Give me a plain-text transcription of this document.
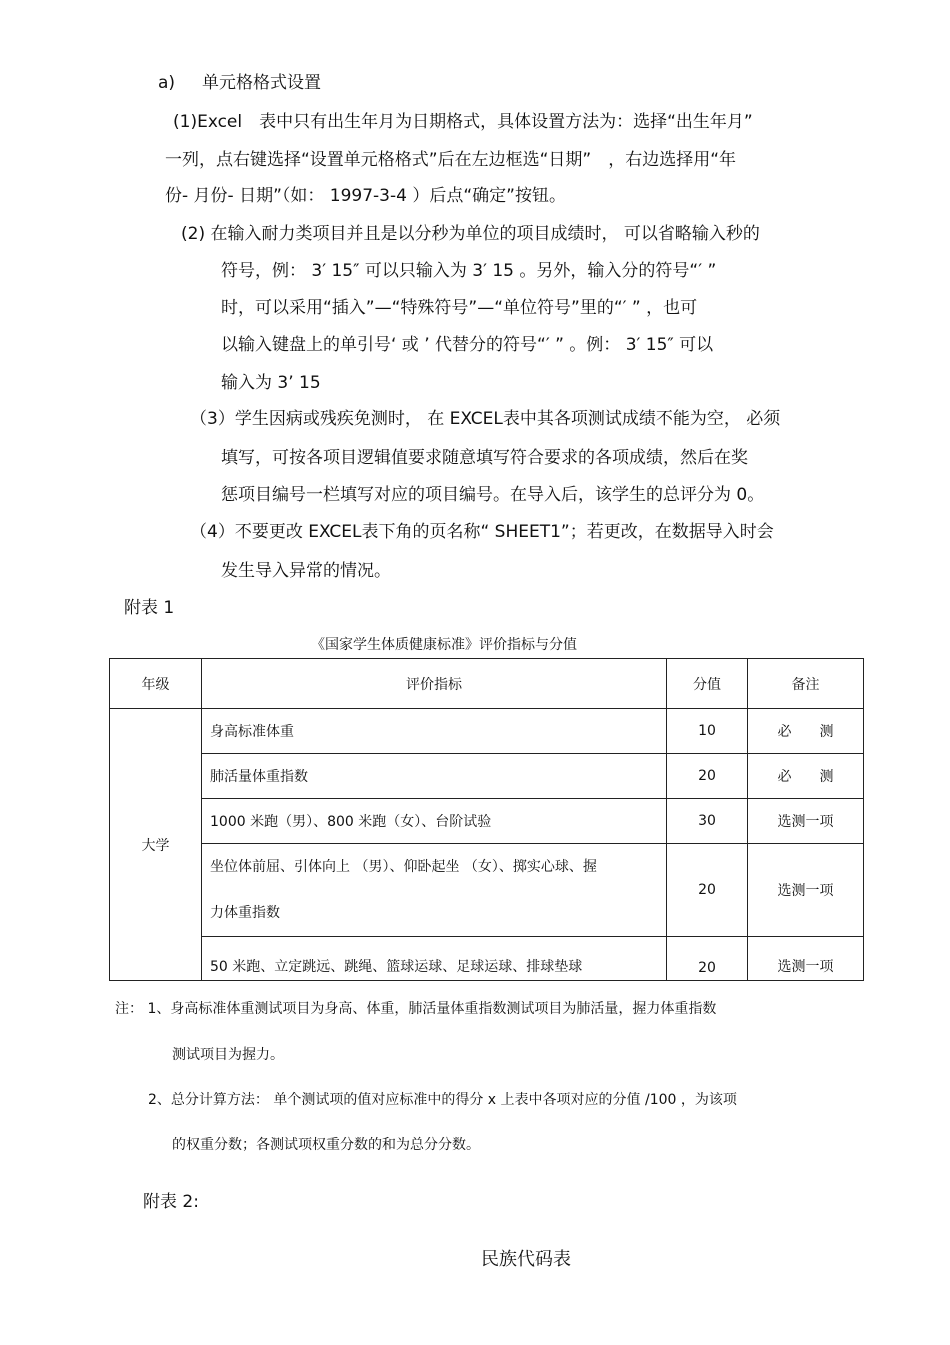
a) 单元格格式设置
(1)Excel　表中只有出生年月为日期格式，具体设置方法为：选择“出生年月”
一列，点右键选择“设置单元格格式”后在左边框选“日期”　，右边选择用“年
份- 月份- 日期”（如： 1997-3-4 ）后点“确定”按钮。
(2) 在输入耐力类项目并且是以分秒为单位的项目成绩时， 可以省略输入秒的
符号，例： 3′ 15″ 可以只输入为 3′ 15 。另外，输入分的符号“′ ”
时，可以采用“插入”—“特殊符号”—“单位符号”里的“′ ” ，也可
以输入键盘上的单引号‘ 或 ’ 代替分的符号“′ ” 。例： 3′ 15″ 可以
输入为 3’ 15
（3）学生因病或残疾免测时， 在 EXCEL表中其各项测试成绩不能为空， 必须
填写，可按各项目逻辑值要求随意填写符合要求的各项成绩，然后在奖
惩项目编号一栏填写对应的项目编号。在导入后，该学生的总评分为 0。
（4）不要更改 EXCEL表下角的页名称“ SHEET1”；若更改，在数据导入时会
发生导入异常的情况。
附表 1
《国家学生体质健康标准》评价指标与分值
年级	评价指标	分值	备注
大学	身高标准体重	10	必　　测
	肺活量体重指数	20	必　　测
	1000 米跑（男）、800 米跑（女）、台阶试验	30	选测一项

	坐位体前屈、引体向上 （男）、仰卧起坐 （女）、掷实心球、握
力体重指数	20	选测一项
	50 米跑、立定跳远、跳绳、篮球运球、足球运球、排球垫球	20	选测一项
注： 1、身高标准体重测试项目为身高、体重，肺活量体重指数测试项目为肺活量，握力体重指数
测试项目为握力。
2、总分计算方法： 单个测试项的值对应标准中的得分 x 上表中各项对应的分值 /100 ，为该项
的权重分数；各测试项权重分数的和为总分分数。
附表 2:
民族代码表
